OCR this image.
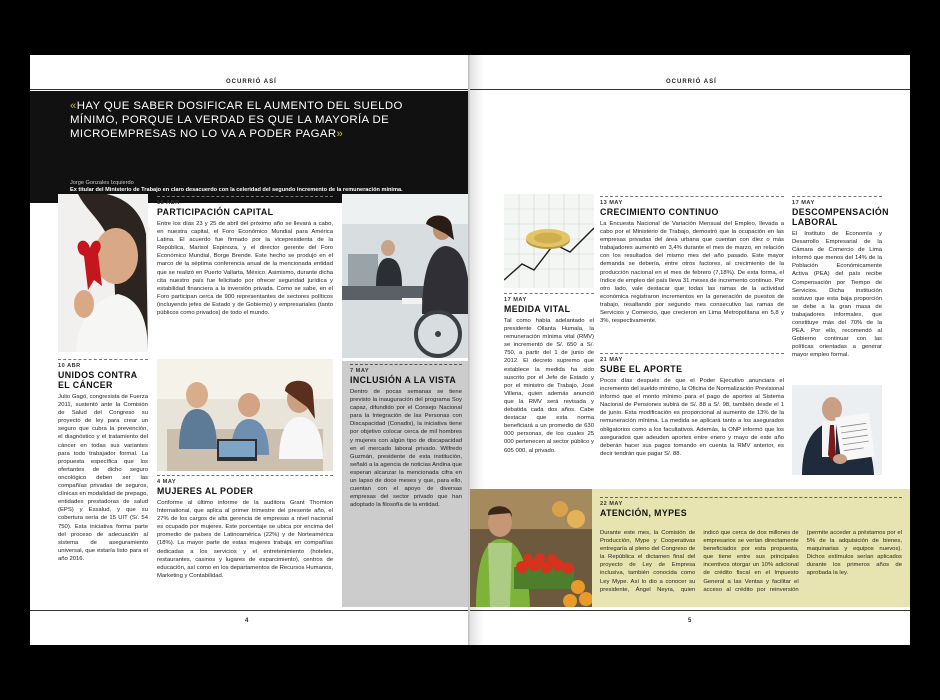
OCURRIÓ ASÍ
«HAY QUE SABER DOSIFICAR EL AUMENTO DEL SUELDO MÍNIMO, PORQUE LA VERDAD ES QUE LA MAYORÍA DE MICROEMPRESAS NO LO VA A PODER PAGAR»
Jorge Gonzales Izquierdo
Ex titular del Ministerio de Trabajo en claro desacuerdo con la celeridad del segundo incremento de la remuneración mínima.
18 ABR
PARTICIPACIÓN CAPITAL
Entre los días 23 y 25 de abril del próximo año se llevará a cabo, en nuestra capital, el Foro Económico Mundial para América Latina. El acuerdo fue firmado por la vicepresidenta de la República, Marisol Espinoza, y el director gerente del Foro Económico Mundial, Borge Brende. Este hecho se produjo en el marco de la séptima conferencia anual de la mencionada entidad que se realizó en Puerto Vallarta, México. Asimismo, durante dicha cita nuestro país fue felicitado por ofrecer seguridad jurídica y estabilidad financiera a la inversión privada. Como se sabe, en el Foro participan cerca de 900 representantes de sectores políticos (incluyendo jefes de Estado y de Gobierno) y empresariales (tanto públicos como privados) de todo el mundo.
10 ABR
UNIDOS CONTRA EL CÁNCER
Julio Gagó, congresista de Fuerza 2011, sustentó ante la Comisión de Salud del Congreso su proyecto de ley para crear un seguro que cubra la prevención, el diagnóstico y el tratamiento del cáncer en todas sus variantes para todo trabajador formal. La propuesta específica que los ofertantes de dicho seguro oncológico deben ser las compañías privadas de seguros, clínicas en modalidad de prepago, entidades prestadoras de salud (EPS) y Essalud, y que su cobertura sería de 15 UIT (S/. 54 750). Esta iniciativa forma parte del proceso de adecuación al sistema de aseguramiento universal, que estaría listo para el año 2016.
4 MAY
MUJERES AL PODER
Conforme al último informe de la auditora Grant Thornton International, que aplica al primer trimestre del presente año, el 27% de los cargos de alta gerencia de empresas a nivel nacional es ocupado por mujeres. Este porcentaje se ubica por encima del promedio de países de Latinoamérica (22%) y de Norteamérica (18%). La mayor parte de estas mujeres trabaja en compañías dedicadas a los servicios y el entretenimiento (hoteles, restaurantes, casinos y lugares de esparcimiento), centros de educación, así como en los departamentos de Recursos Humanos, Marketing y Contabilidad.
7 MAY
INCLUSIÓN A LA VISTA
Dentro de pocas semanas se tiene previsto la inauguración del programa Soy capaz, difundido por el Consejo Nacional para la Integración de las Personas con Discapacidad (Conadis), la iniciativa tiene por objetivo colocar cerca de mil hombres y mujeres con algún tipo de discapacidad en el mercado laboral privado. Wilfredo Guzmán, presidente de esta institución, señaló a la agencia de noticias Andina que esperan alcanzar la mencionada cifra en un lapso de doce meses y que, para ello, cuentan con el apoyo de diversas empresas del sector privado que han adoptado la filosofía de la entidad.
4
OCURRIÓ ASÍ
17 MAY
MEDIDA VITAL
Tal como había adelantado el presidente Ollanta Humala, la remuneración mínima vital (RMV) se incrementó de S/. 650 a S/. 750, a partir del 1 de junio de 2012. El decreto supremo que establece la medida ha sido suscrito por el Jefe de Estado y por el ministro de Trabajo, José Villena, quien además anunció que la RMV será revisada y debatida cada dos años. Cabe destacar que esta norma beneficiará a un promedio de 630 000 personas, de los cuales 25 000 pertenecen al sector público y 605 000, al privado.
13 MAY
CRECIMIENTO CONTINUO
La Encuesta Nacional de Variación Mensual del Empleo, llevada a cabo por el Ministerio de Trabajo, demostró que la ocupación en las empresas privadas del área urbana que cuentan con diez o más trabajadores aumentó en 3,4% durante el mes de marzo, en relación con los resultados del mismo mes del año pasado. Este mayor demanda se debería, entre otros factores, al crecimiento de la producción nacional en el mes de febrero (7,18%). De esta forma, el índice de empleo del país lleva 31 meses de incremento continuo. Por otro lado, vale destacar que todas las ramas de la actividad económica registraron incrementos en la generación de puestos de trabajo, resaltando por segundo mes consecutivo las ramas de Servicios y Comercio, que crecieron en Lima Metropolitana en 5,8 y 3%, respectivamente.
21 MAY
SUBE EL APORTE
Pocos días después de que el Poder Ejecutivo anunciara el incremento del sueldo mínimo, la Oficina de Normalización Previsional informó que el monto mínimo para el pago de aportes al Sistema Nacional de Pensiones subirá de S/. 88 a S/. 98, también desde el 1 de junio. Esta modificación es proporcional al aumento de 13% de la remuneración mínima. La medida se aplicará tanto a los asegurados obligatorios como a los facultativos. Además, la ONP informó que los asegurados que adeuden aportes entre enero y mayo de este año deberán hacer sus pagos tomando en cuenta la RMV anterior, es decir tendrán que pagar S/. 88.
17 MAY
DESCOMPENSACIÓN LABORAL
El Instituto de Economía y Desarrollo Empresarial de la Cámara de Comercio de Lima informó que menos del 14% de la Población Económicamente Activa (PEA) del país recibe Compensación por Tiempo de Servicios. Dicha institución sostuvo que esta baja proporción se debe a la gran masa de trabajadores informales, que constituye más del 70% de la PEA. Por ello, recomendó al Gobierno continuar con las políticas orientadas a generar mayor empleo formal.
22 MAY
ATENCIÓN, MYPES
Durante este mes, la Comisión de Producción, Mype y Cooperativas entregaría al pleno del Congreso de la República el dictamen final del proyecto de Ley de Empresa inclusiva, también conocida como Ley Mype. Así lo dio a conocer su presidente, Ángel Neyra, quien indicó que cerca de dos millones de empresarios se verían directamente beneficiados por esta propuesta, que tiene entre sus principales incentivos otorgar un 10% adicional de crédito fiscal en el Impuesto General a las Ventas y facilitar el acceso al crédito por reinversión (permite acceder a préstamos por el 5% de la adquisición de bienes, maquinarias y equipos nuevos). Dichos estímulos serían aplicados durante los primeros años de aprobada la ley.
5
